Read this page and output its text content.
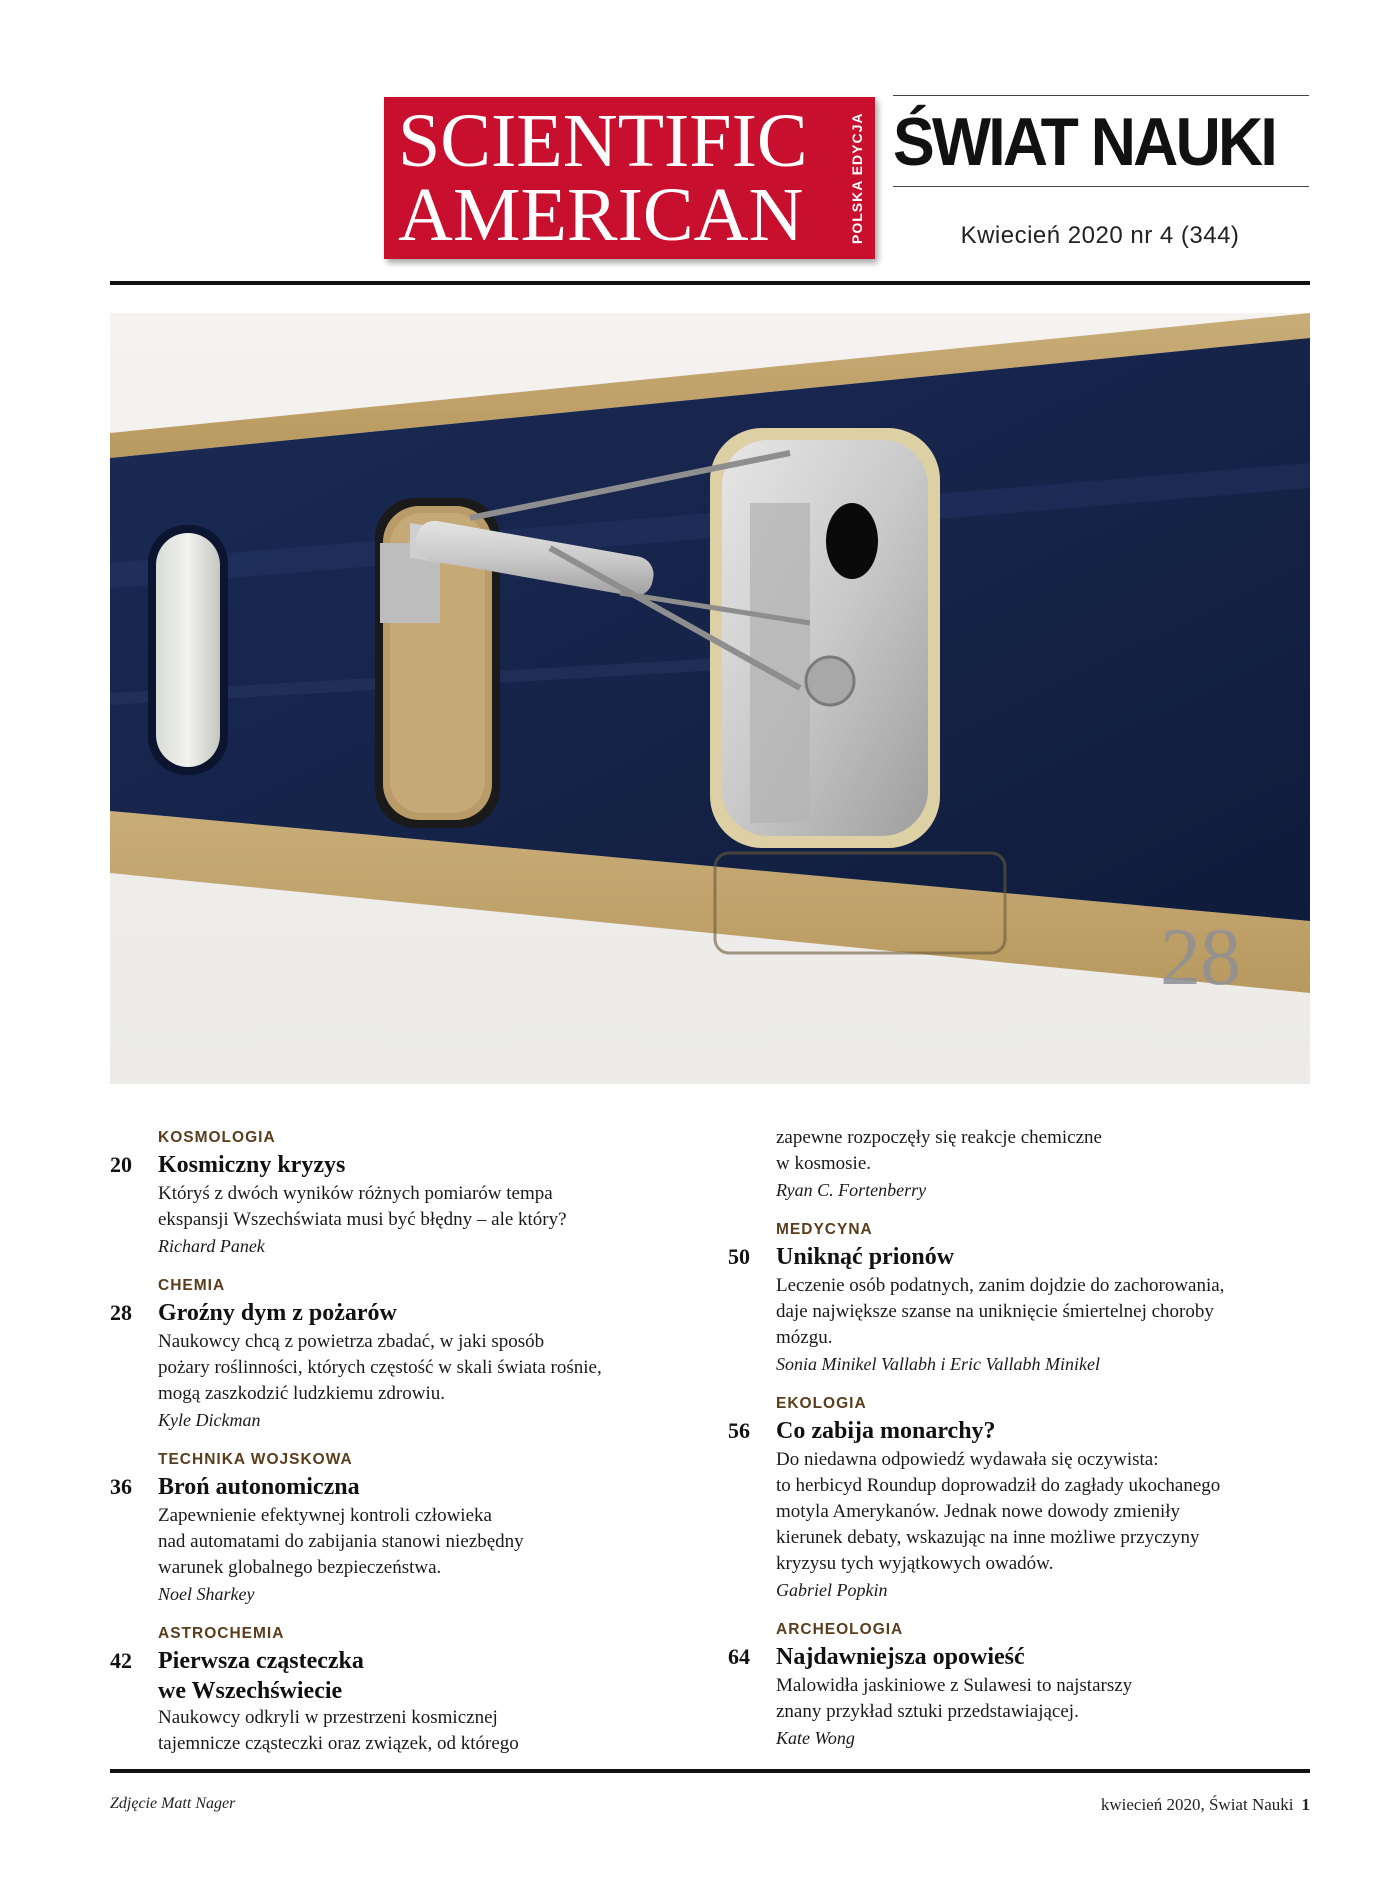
SCIENTIFIC
AMERICAN	POLSKA EDYCJA ŚWIAT NAUKI
Kwiecień 2020 nr 4 (344)
28
KOSMOLOGIA
20	Kosmiczny kryzys
Któryś z dwóch wyników różnych pomiarów tempa
ekspansji Wszechświata musi być błędny – ale który?
Richard Panek
CHEMIA
28	Groźny dym z pożarów
Naukowcy chcą z powietrza zbadać, w jaki sposób
pożary roślinności, których częstość w skali świata rośnie,
mogą zaszkodzić ludzkiemu zdrowiu.
Kyle Dickman
TECHNIKA WOJSKOWA
36	Broń autonomiczna
Zapewnienie efektywnej kontroli człowieka
nad automatami do zabijania stanowi niezbędny
warunek globalnego bezpieczeństwa.
Noel Sharkey
ASTROCHEMIA
42	Pierwsza cząsteczka
we Wszechświecie
Naukowcy odkryli w przestrzeni kosmicznej
tajemnicze cząsteczki oraz związek, od którego
zapewne rozpoczęły się reakcje chemiczne
w kosmosie.
Ryan C. Fortenberry
MEDYCYNA
50	Uniknąć prionów
Leczenie osób podatnych, zanim dojdzie do zachorowania,
daje największe szanse na uniknięcie śmiertelnej choroby
mózgu.
Sonia Minikel Vallabh i Eric Vallabh Minikel
EKOLOGIA
56	Co zabija monarchy?
Do niedawna odpowiedź wydawała się oczywista:
to herbicyd Roundup doprowadził do zagłady ukochanego
motyla Amerykanów. Jednak nowe dowody zmieniły
kierunek debaty, wskazując na inne możliwe przyczyny
kryzysu tych wyjątkowych owadów.
Gabriel Popkin
ARCHEOLOGIA
64	Najdawniejsza opowieść
Malowidła jaskiniowe z Sulawesi to najstarszy
znany przykład sztuki przedstawiającej.
Kate Wong
Zdjęcie Matt Nager	kwiecień 2020, Świat Nauki 1
